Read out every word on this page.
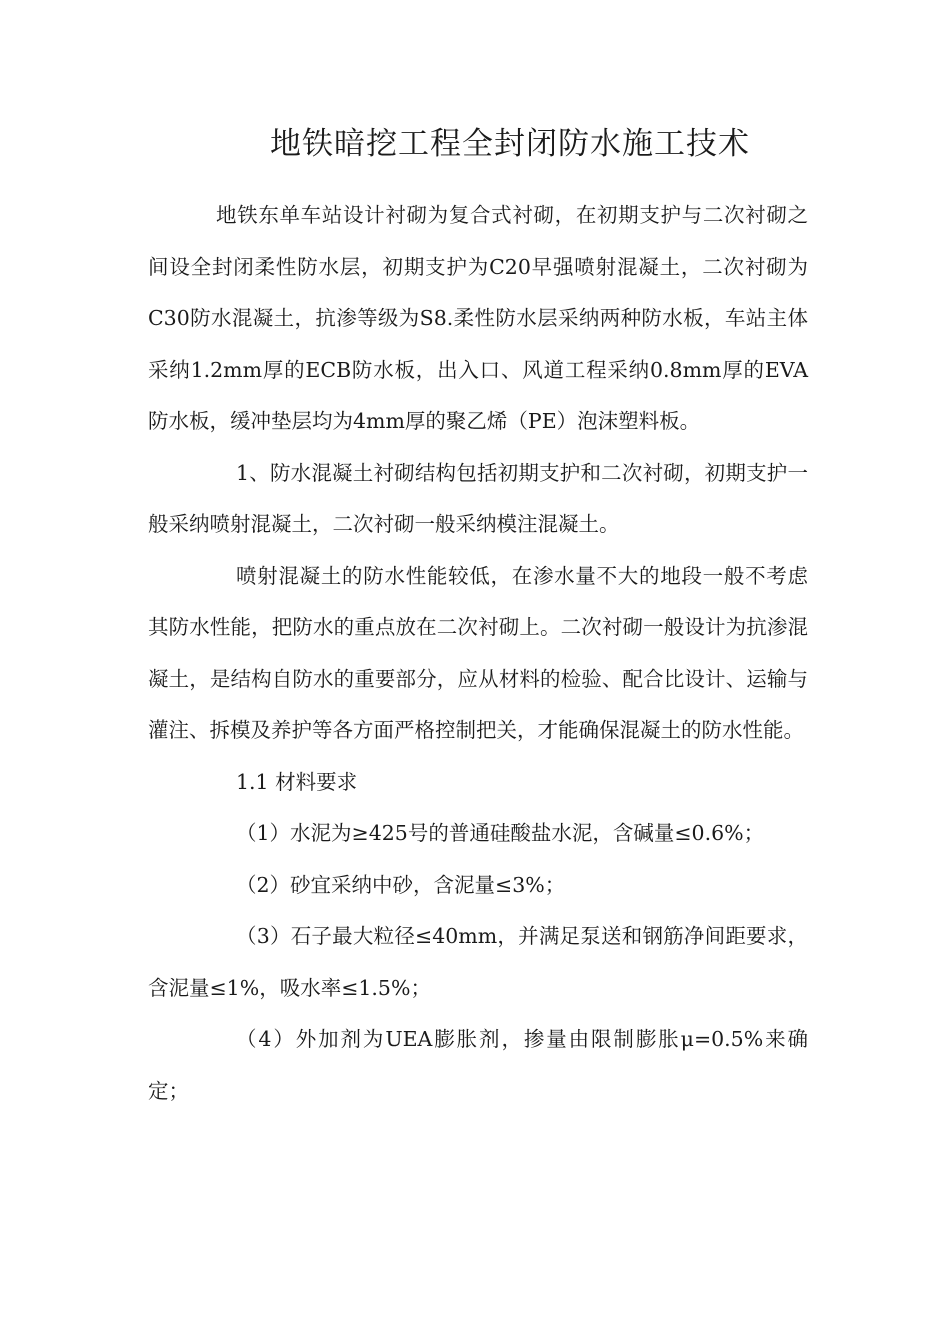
地铁暗挖工程全封闭防水施工技术

地铁东单车站设计衬砌为复合式衬砌，在初期支护与二次衬砌之间设全封闭柔性防水层，初期支护为C20早强喷射混凝土，二次衬砌为C30防水混凝土，抗渗等级为S8.柔性防水层采纳两种防水板，车站主体采纳1.2mm厚的ECB防水板，出入口、风道工程采纳0.8mm厚的EVA防水板，缓冲垫层均为4mm厚的聚乙烯（PE）泡沫塑料板。

1、防水混凝土衬砌结构包括初期支护和二次衬砌，初期支护一般采纳喷射混凝土，二次衬砌一般采纳模注混凝土。

喷射混凝土的防水性能较低，在渗水量不大的地段一般不考虑其防水性能，把防水的重点放在二次衬砌上。二次衬砌一般设计为抗渗混凝土，是结构自防水的重要部分，应从材料的检验、配合比设计、运输与灌注、拆模及养护等各方面严格控制把关，才能确保混凝土的防水性能。

1.1 材料要求

（1）水泥为≥425号的普通硅酸盐水泥，含碱量≤0.6%；

（2）砂宜采纳中砂，含泥量≤3%；

（3）石子最大粒径≤40mm，并满足泵送和钢筋净间距要求，含泥量≤1%，吸水率≤1.5%；

（4）外加剂为UEA膨胀剂，掺量由限制膨胀μ=0.5%来确定；
